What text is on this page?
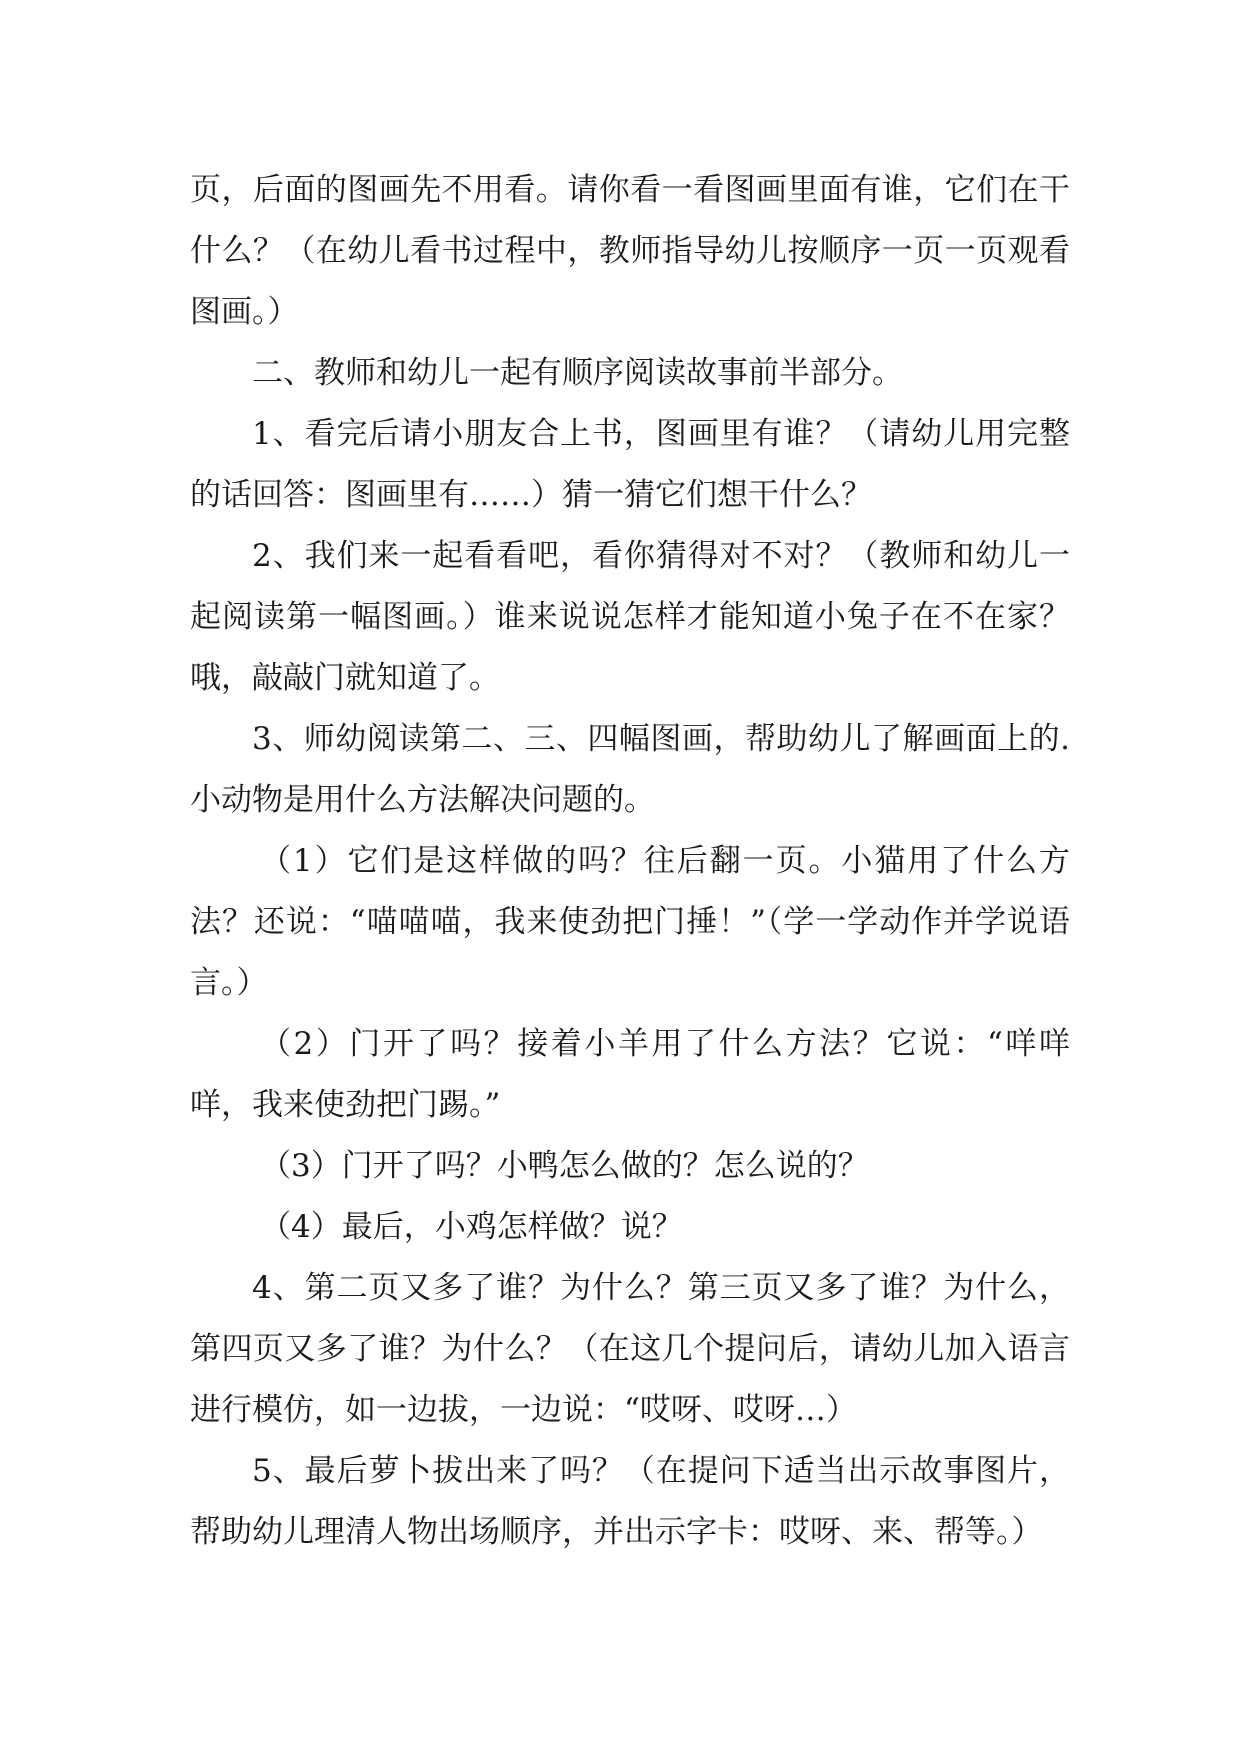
页，后面的图画先不用看。请你看一看图画里面有谁，它们在干什么？（在幼儿看书过程中，教师指导幼儿按顺序一页一页观看图画。）

二、教师和幼儿一起有顺序阅读故事前半部分。

1、看完后请小朋友合上书，图画里有谁？（请幼儿用完整的话回答：图画里有……）猜一猜它们想干什么？

2、我们来一起看看吧，看你猜得对不对？（教师和幼儿一起阅读第一幅图画。）谁来说说怎样才能知道小兔子在不在家？哦，敲敲门就知道了。

3、师幼阅读第二、三、四幅图画，帮助幼儿了解画面上的.小动物是用什么方法解决问题的。

（1）它们是这样做的吗？往后翻一页。小猫用了什么方法？还说：“喵喵喵，我来使劲把门捶！”（学一学动作并学说语言。）

（2）门开了吗？接着小羊用了什么方法？它说：“咩咩咩，我来使劲把门踢。”

（3）门开了吗？小鸭怎么做的？怎么说的？

（4）最后，小鸡怎样做？说？

4、第二页又多了谁？为什么？第三页又多了谁？为什么，第四页又多了谁？为什么？（在这几个提问后，请幼儿加入语言进行模仿，如一边拔，一边说：“哎呀、哎呀…）

5、最后萝卜拔出来了吗？（在提问下适当出示故事图片，帮助幼儿理清人物出场顺序，并出示字卡：哎呀、来、帮等。）
